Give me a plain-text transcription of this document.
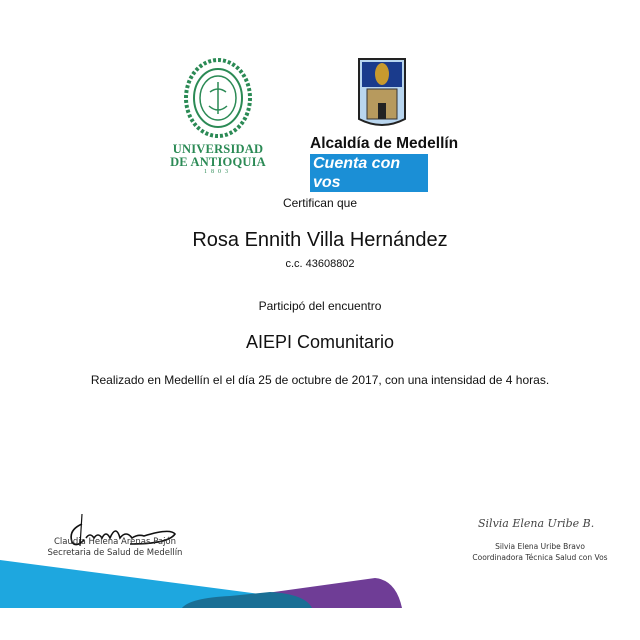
UNIVERSIDAD
DE ANTIOQUIA
1803
Alcaldía de Medellín
Cuenta con vos
Certifican que
Rosa Ennith Villa Hernández
c.c. 43608802
Participó del encuentro
AIEPI Comunitario
Realizado en Medellín el el día 25 de octubre de 2017, con una intensidad de 4 horas.
Claudia Helena Arenas Pajón
Secretaria de Salud de Medellín
Silvia Elena Uribe B.
Silvia Elena Uribe Bravo
Coordinadora Técnica Salud con Vos
